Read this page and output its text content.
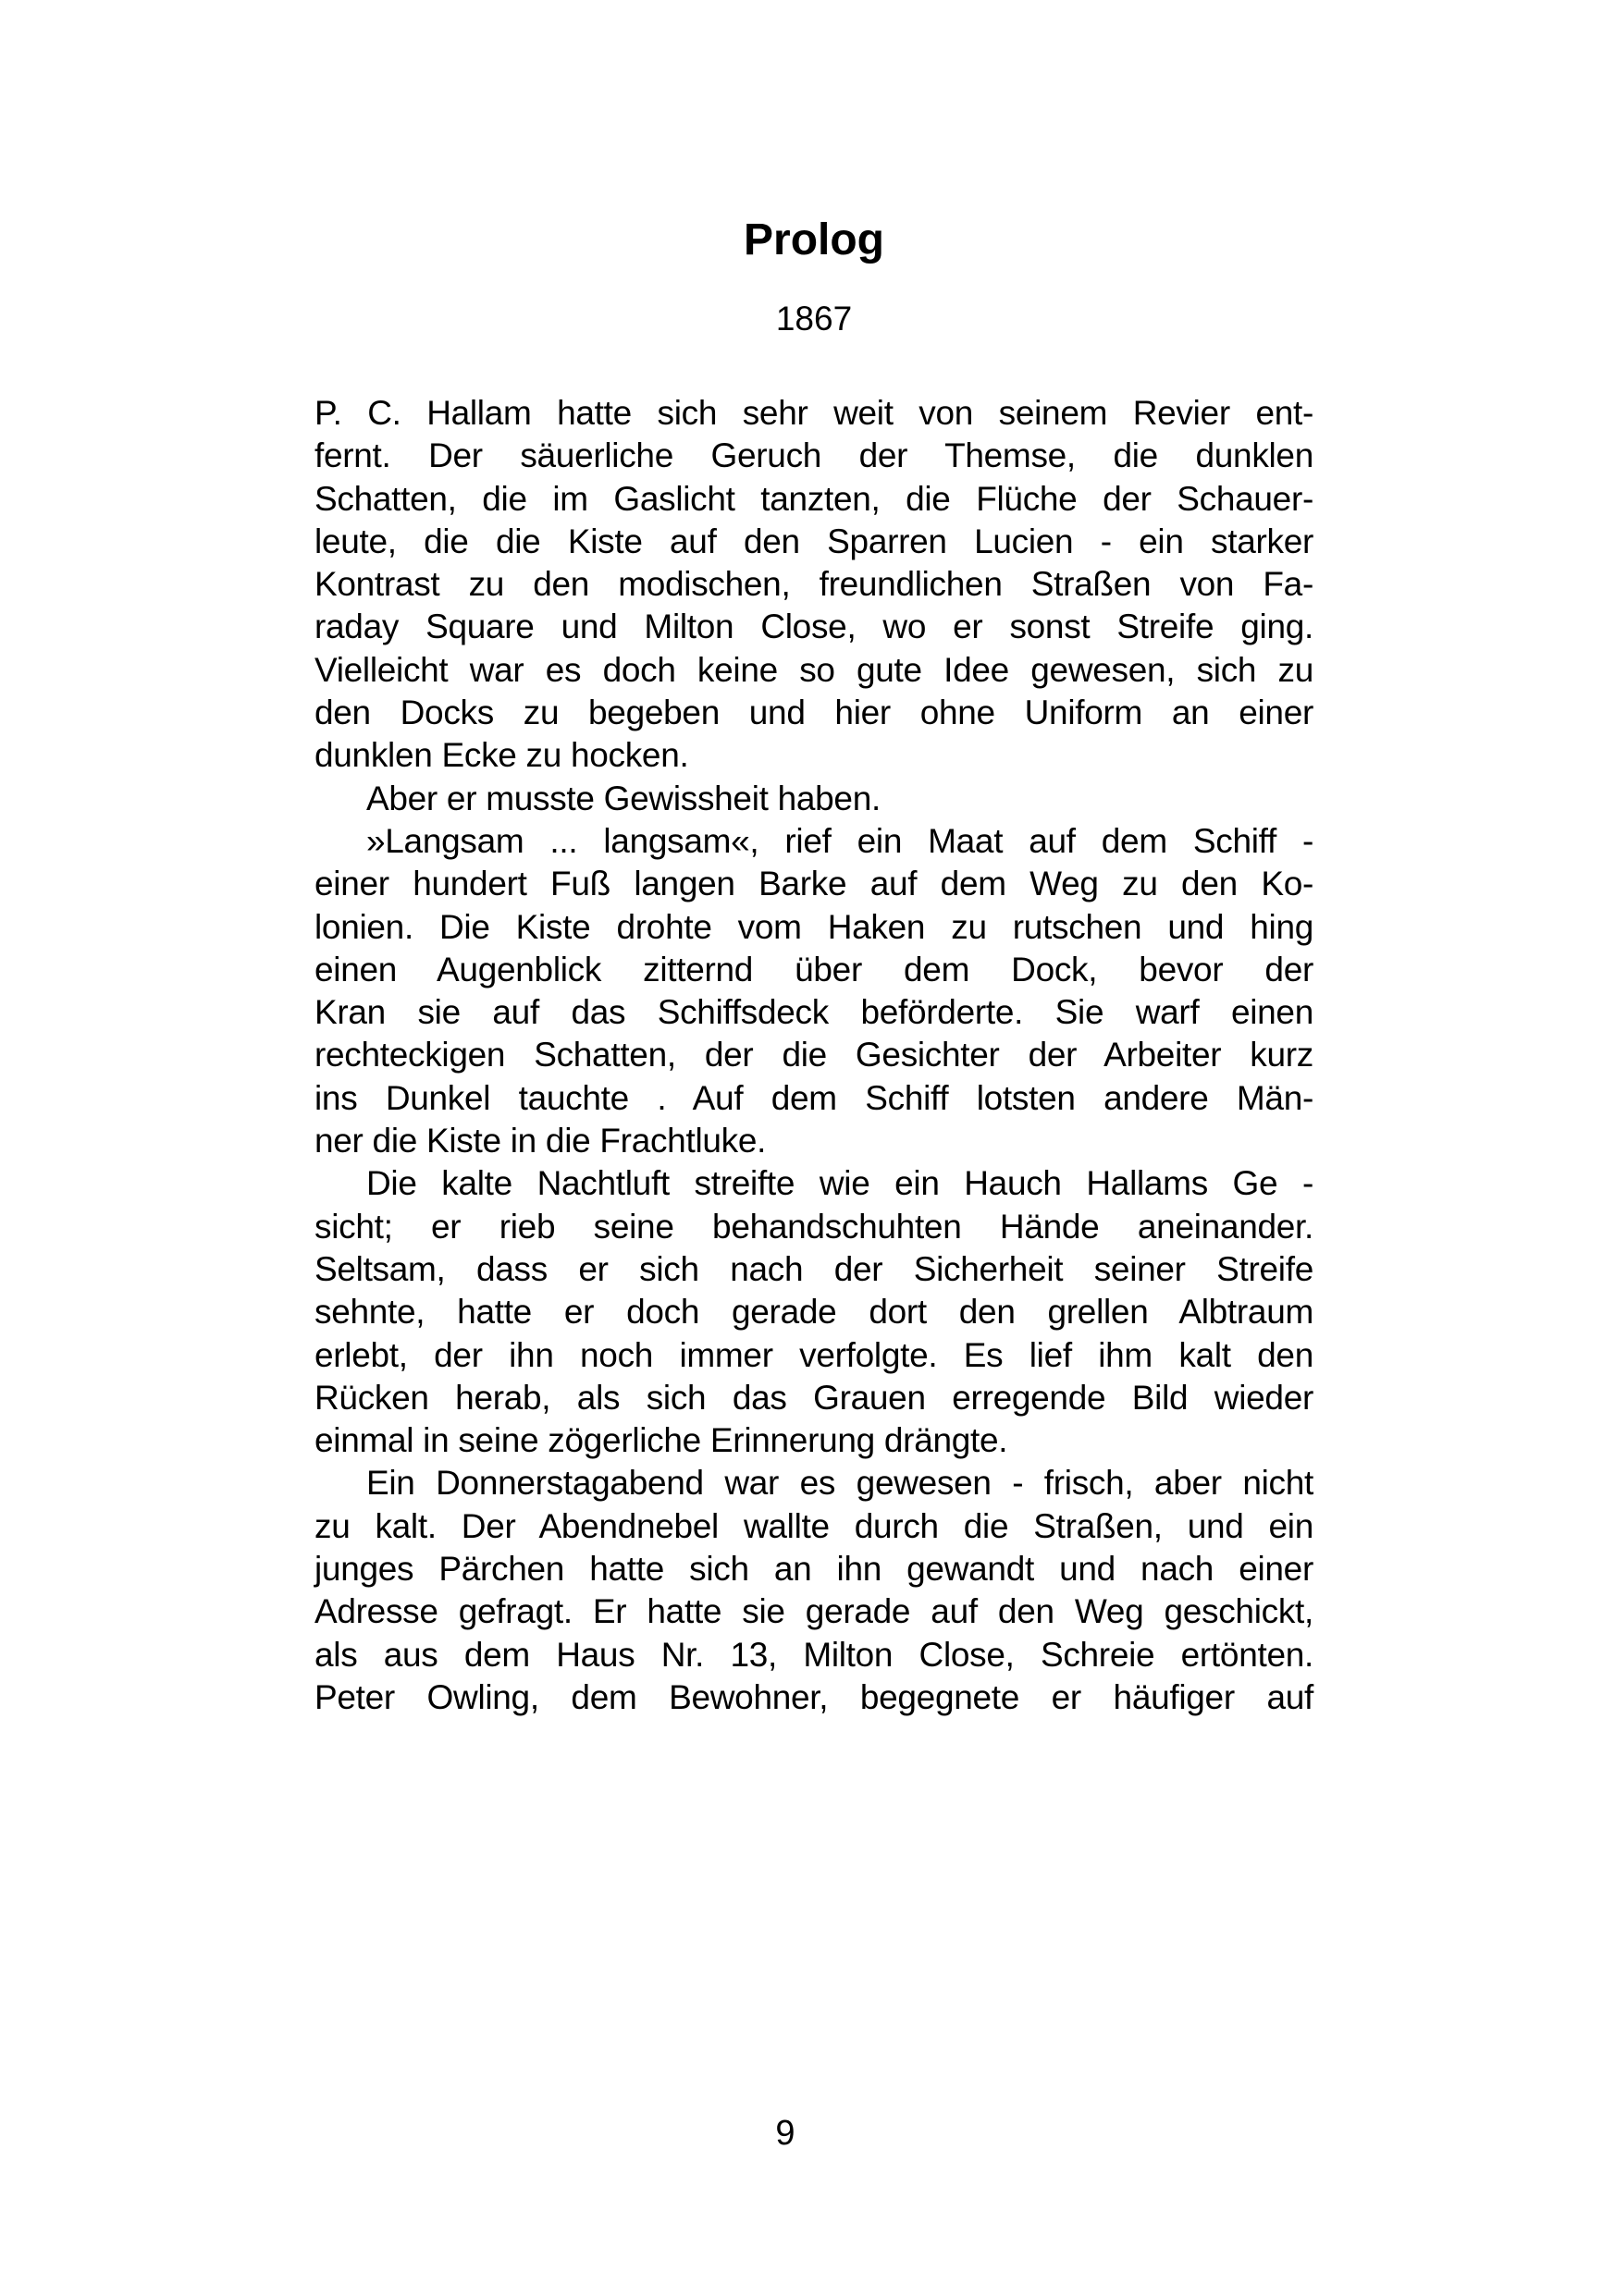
Prolog
1867
P. C. Hallam hatte sich sehr weit von seinem Revier ent-
fernt. Der säuerliche Geruch der Themse, die dunklen
Schatten, die im Gaslicht tanzten, die Flüche der Schauer-
leute, die die Kiste auf den Sparren Lucien - ein starker
Kontrast zu den modischen, freundlichen Straßen von Fa-
raday Square und Milton Close, wo er sonst Streife ging.
Vielleicht war es doch keine so gute Idee gewesen, sich zu
den Docks zu begeben und hier ohne Uniform an einer
dunklen Ecke zu hocken.
Aber er musste Gewissheit haben.
»Langsam ... langsam«, rief ein Maat auf dem Schiff -
einer hundert Fuß langen Barke auf dem Weg zu den Ko-
lonien. Die Kiste drohte vom Haken zu rutschen und hing
einen Augenblick zitternd über dem Dock, bevor der
Kran sie auf das Schiffsdeck beförderte. Sie warf einen
rechteckigen Schatten, der die Gesichter der Arbeiter kurz
ins Dunkel tauchte . Auf dem Schiff lotsten andere Män-
ner die Kiste in die Frachtluke.
Die kalte Nachtluft streifte wie ein Hauch Hallams Ge -
sicht; er rieb seine behandschuhten Hände aneinander.
Seltsam, dass er sich nach der Sicherheit seiner Streife
sehnte, hatte er doch gerade dort den grellen Albtraum
erlebt, der ihn noch immer verfolgte. Es lief ihm kalt den
Rücken herab, als sich das Grauen erregende Bild wieder
einmal in seine zögerliche Erinnerung drängte.
Ein Donnerstagabend war es gewesen - frisch, aber nicht
zu kalt. Der Abendnebel wallte durch die Straßen, und ein
junges Pärchen hatte sich an ihn gewandt und nach einer
Adresse gefragt. Er hatte sie gerade auf den Weg geschickt,
als aus dem Haus Nr. 13, Milton Close, Schreie ertönten.
Peter Owling, dem Bewohner, begegnete er häufiger auf
9
